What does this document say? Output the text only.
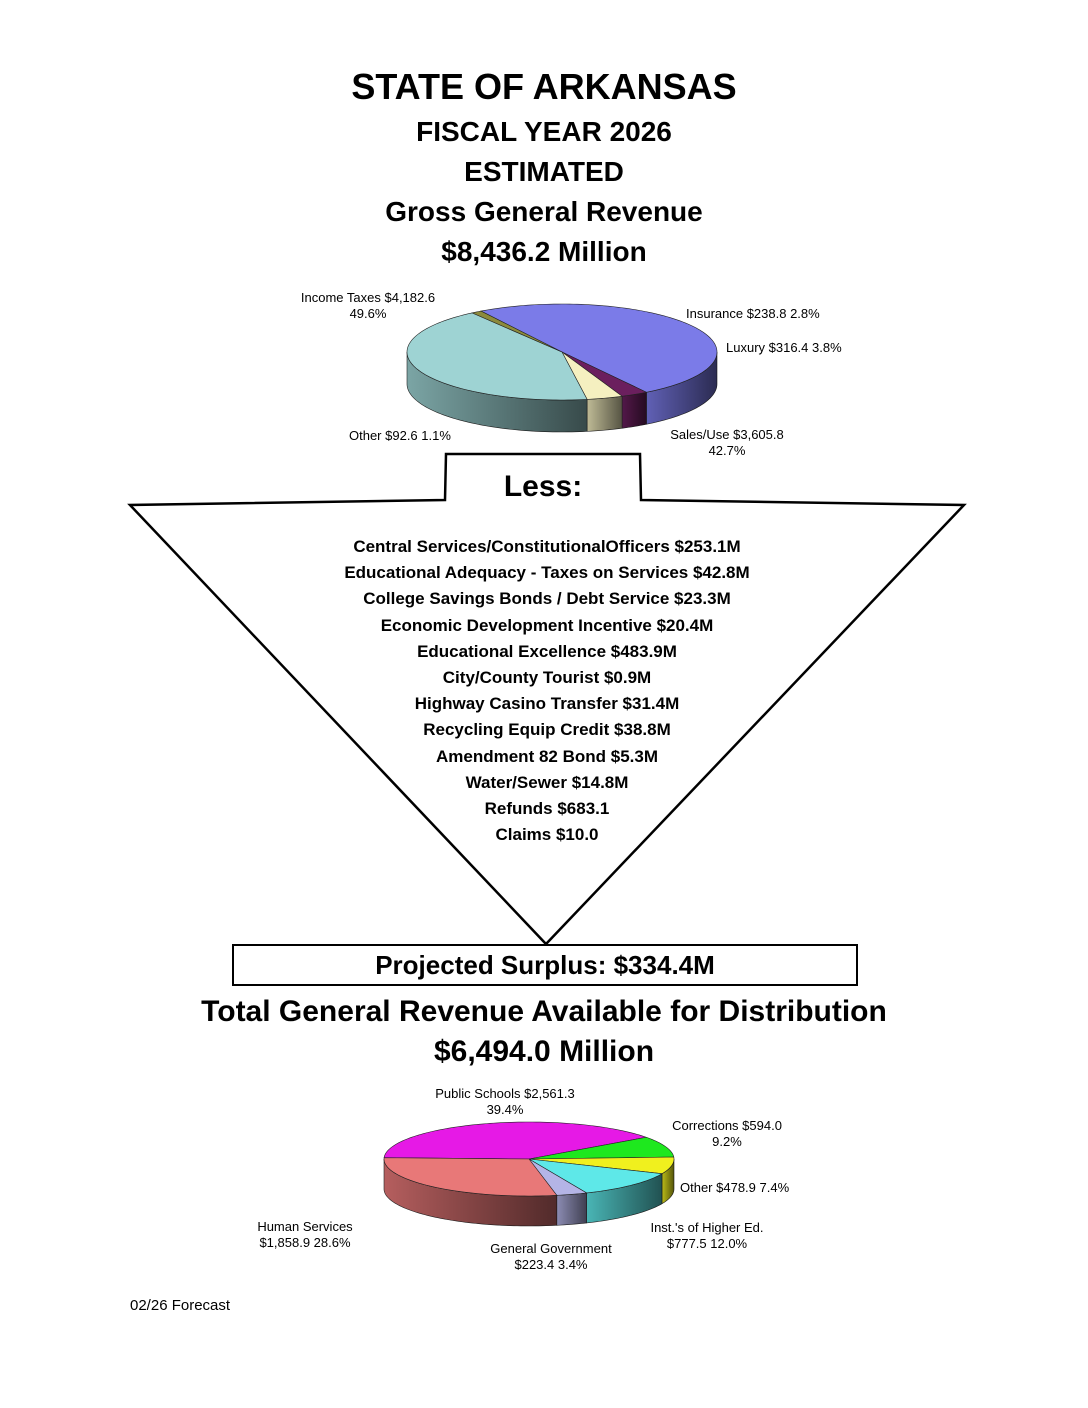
STATE OF ARKANSAS
FISCAL YEAR 2026
ESTIMATED
Gross General Revenue
$8,436.2 Million
Income Taxes $4,182.6
49.6%	Insurance $238.8 2.8%
Luxury $316.4 3.8%
Sales/Use $3,605.8
42.7%
Other $92.6 1.1%
Less:
Central Services/ConstitutionalOfficers $253.1M
Educational Adequacy - Taxes on Services $42.8M
College Savings Bonds / Debt Service $23.3M
Economic Development Incentive $20.4M
Educational Excellence $483.9M
City/County Tourist $0.9M
Highway Casino Transfer $31.4M
Recycling Equip Credit $38.8M
Amendment 82 Bond $5.3M
Water/Sewer $14.8M
Refunds $683.1
Claims $10.0
Projected Surplus: $334.4M
Total General Revenue Available for Distribution
$6,494.0 Million
Public Schools $2,561.3
39.4%
Corrections $594.0
9.2%
Other $478.9 7.4%
Inst.'s of Higher Ed.
$777.5 12.0%
General Government
$223.4 3.4%
Human Services
$1,858.9 28.6%
02/26 Forecast
